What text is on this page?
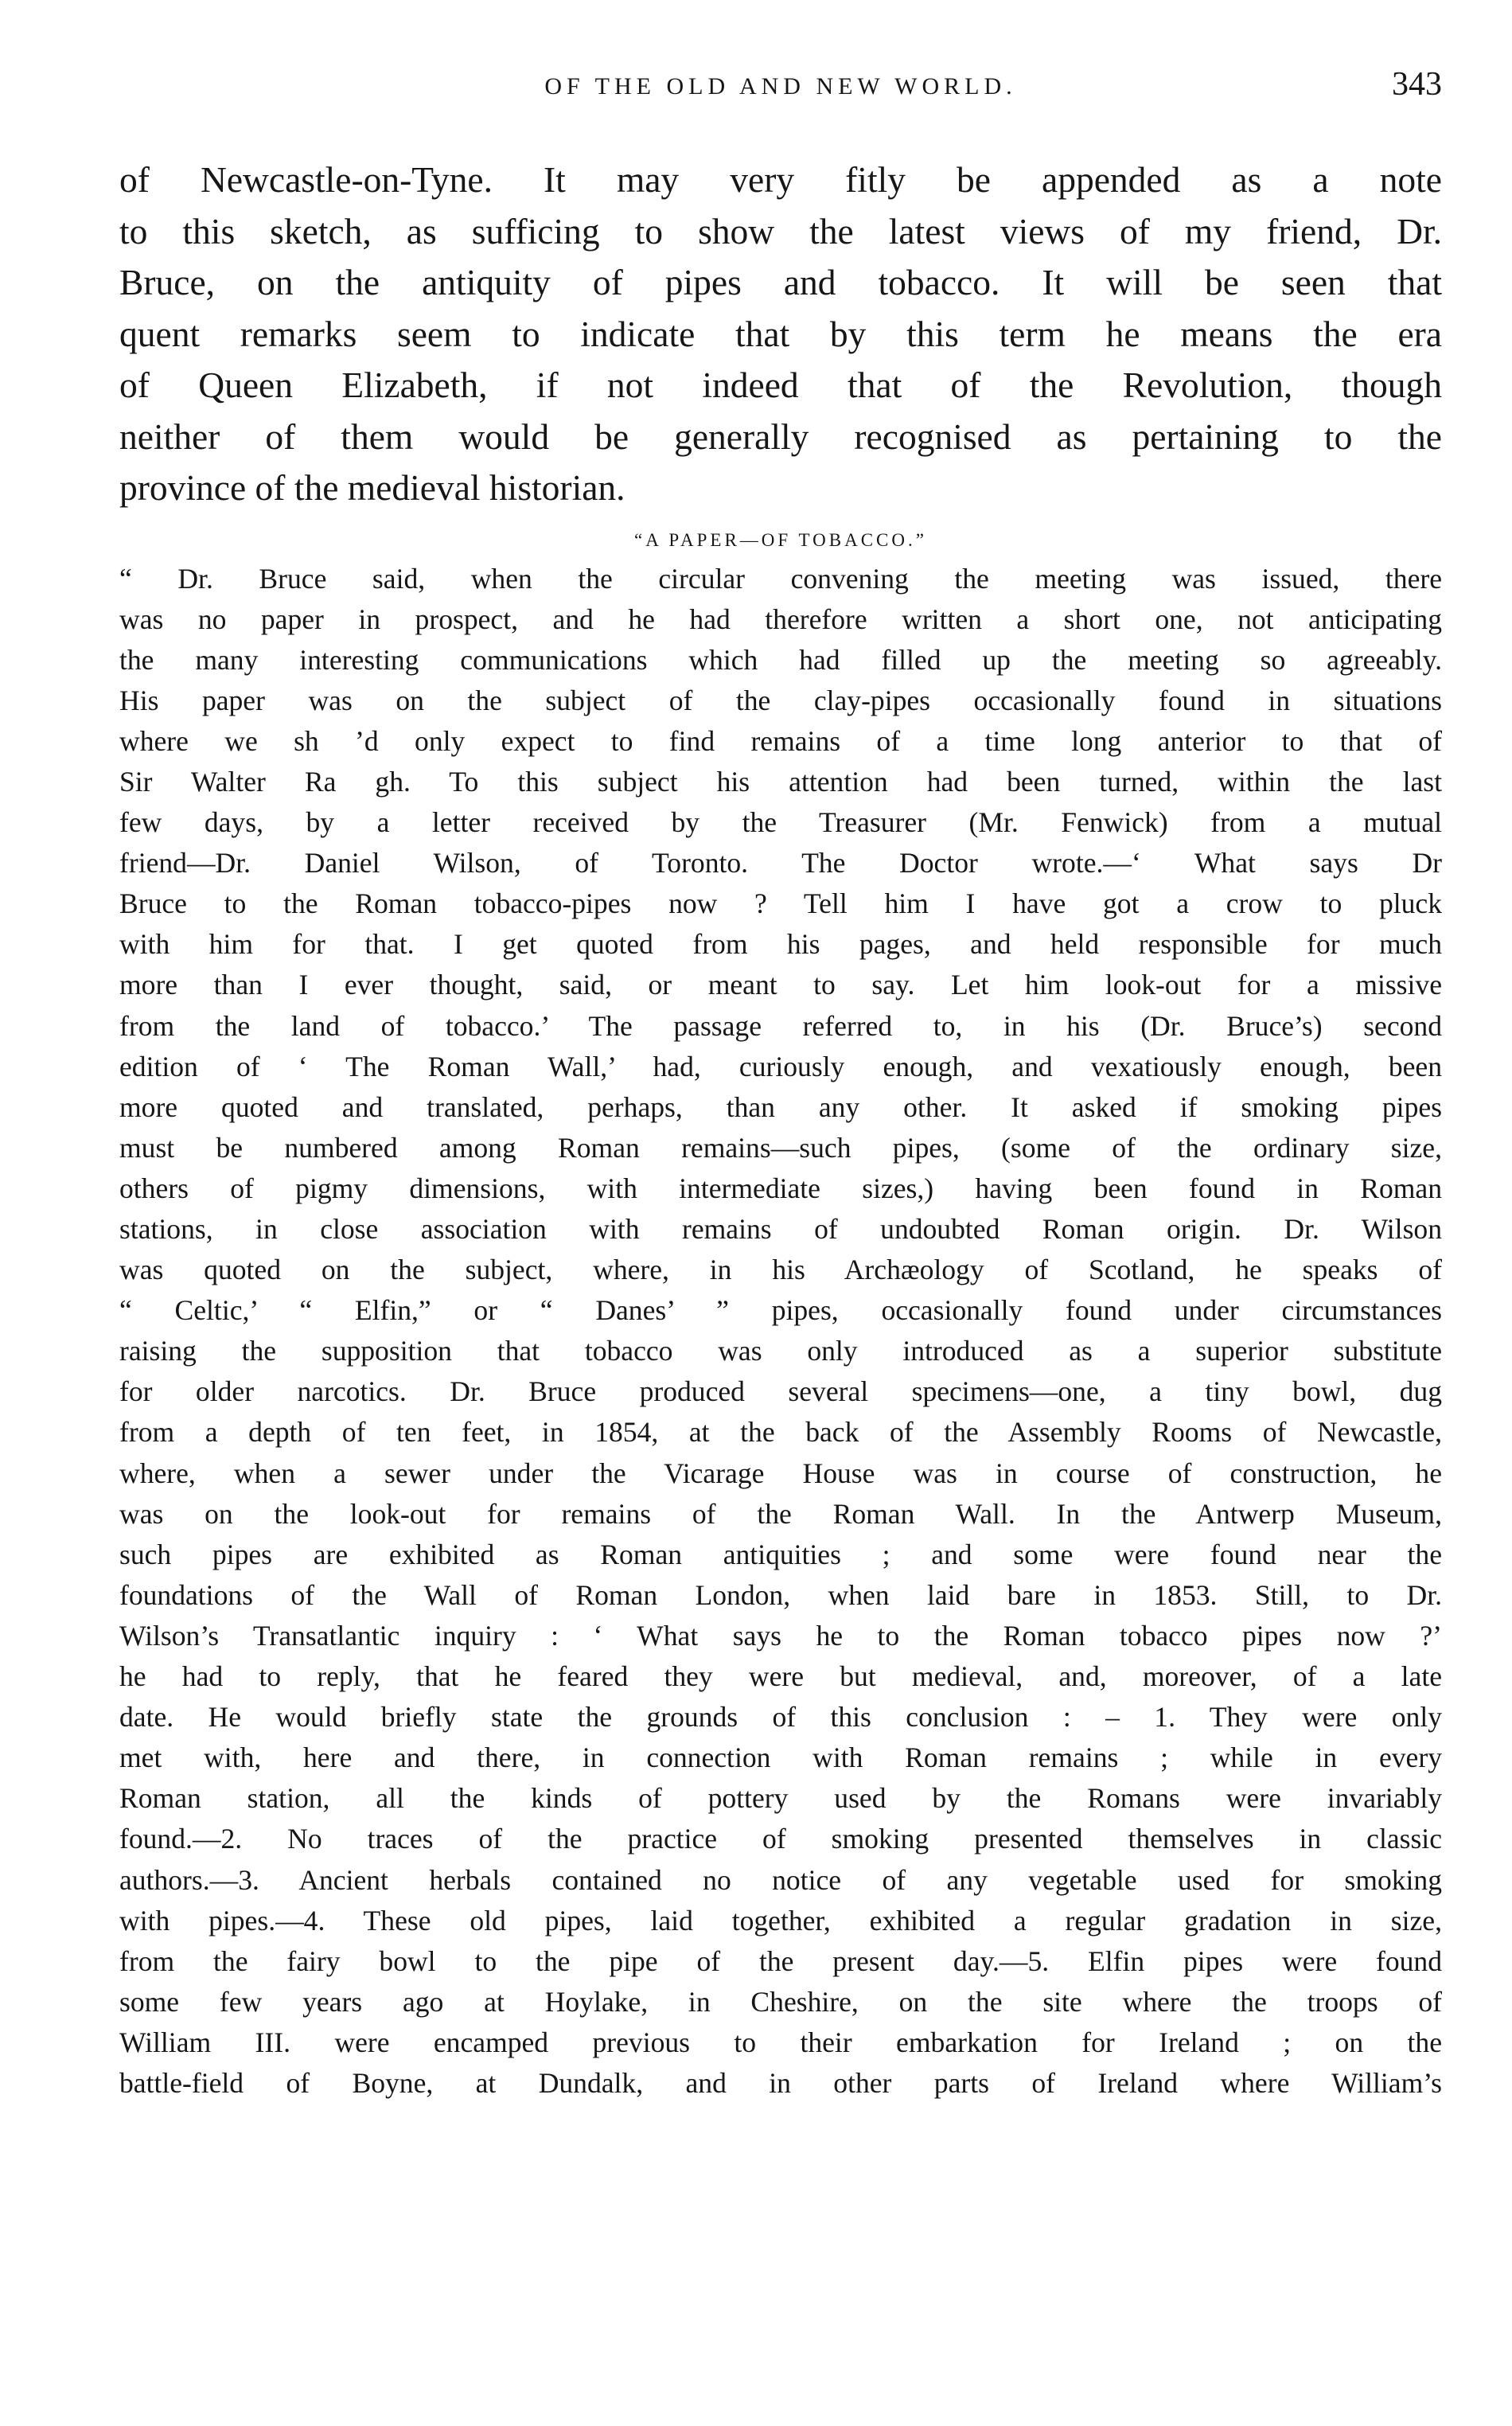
OF THE OLD AND NEW WORLD.	343
of Newcastle-on-Tyne. It may very fitly be appended as a note
to this sketch, as sufficing to show the latest views of my friend, Dr.
Bruce, on the antiquity of pipes and tobacco. It will be seen that
quent remarks seem to indicate that by this term he means the era
of Queen Elizabeth, if not indeed that of the Revolution, though
neither of them would be generally recognised as pertaining to the
province of the medieval historian.
“A PAPER—OF TOBACCO.”
“ Dr. Bruce said, when the circular convening the meeting was issued, there
was no paper in prospect, and he had therefore written a short one, not anticipating
the many interesting communications which had filled up the meeting so agreeably.
His paper was on the subject of the clay-pipes occasionally found in situations
where we sh ’d only expect to find remains of a time long anterior to that of
Sir Walter Ra gh. To this subject his attention had been turned, within the last
few days, by a letter received by the Treasurer (Mr. Fenwick) from a mutual
friend—Dr. Daniel Wilson, of Toronto. The Doctor wrote.—‘ What says Dr
Bruce to the Roman tobacco-pipes now ? Tell him I have got a crow to pluck
with him for that. I get quoted from his pages, and held responsible for much
more than I ever thought, said, or meant to say. Let him look-out for a missive
from the land of tobacco.’ The passage referred to, in his (Dr. Bruce’s) second
edition of ‘ The Roman Wall,’ had, curiously enough, and vexatiously enough, been
more quoted and translated, perhaps, than any other. It asked if smoking pipes
must be numbered among Roman remains—such pipes, (some of the ordinary size,
others of pigmy dimensions, with intermediate sizes,) having been found in Roman
stations, in close association with remains of undoubted Roman origin. Dr. Wilson
was quoted on the subject, where, in his Archæology of Scotland, he speaks of
“ Celtic,’ “ Elfin,” or “ Danes’ ” pipes, occasionally found under circumstances
raising the supposition that tobacco was only introduced as a superior substitute
for older narcotics. Dr. Bruce produced several specimens—one, a tiny bowl, dug
from a depth of ten feet, in 1854, at the back of the Assembly Rooms of Newcastle,
where, when a sewer under the Vicarage House was in course of construction, he
was on the look-out for remains of the Roman Wall. In the Antwerp Museum,
such pipes are exhibited as Roman antiquities ; and some were found near the
foundations of the Wall of Roman London, when laid bare in 1853. Still, to Dr.
Wilson’s Transatlantic inquiry : ‘ What says he to the Roman tobacco pipes now ?’
he had to reply, that he feared they were but medieval, and, moreover, of a late
date. He would briefly state the grounds of this conclusion : – 1. They were only
met with, here and there, in connection with Roman remains ; while in every
Roman station, all the kinds of pottery used by the Romans were invariably
found.—2. No traces of the practice of smoking presented themselves in classic
authors.—3. Ancient herbals contained no notice of any vegetable used for smoking
with pipes.—4. These old pipes, laid together, exhibited a regular gradation in size,
from the fairy bowl to the pipe of the present day.—5. Elfin pipes were found
some few years ago at Hoylake, in Cheshire, on the site where the troops of
William III. were encamped previous to their embarkation for Ireland ; on the
battle-field of Boyne, at Dundalk, and in other parts of Ireland where William’s
